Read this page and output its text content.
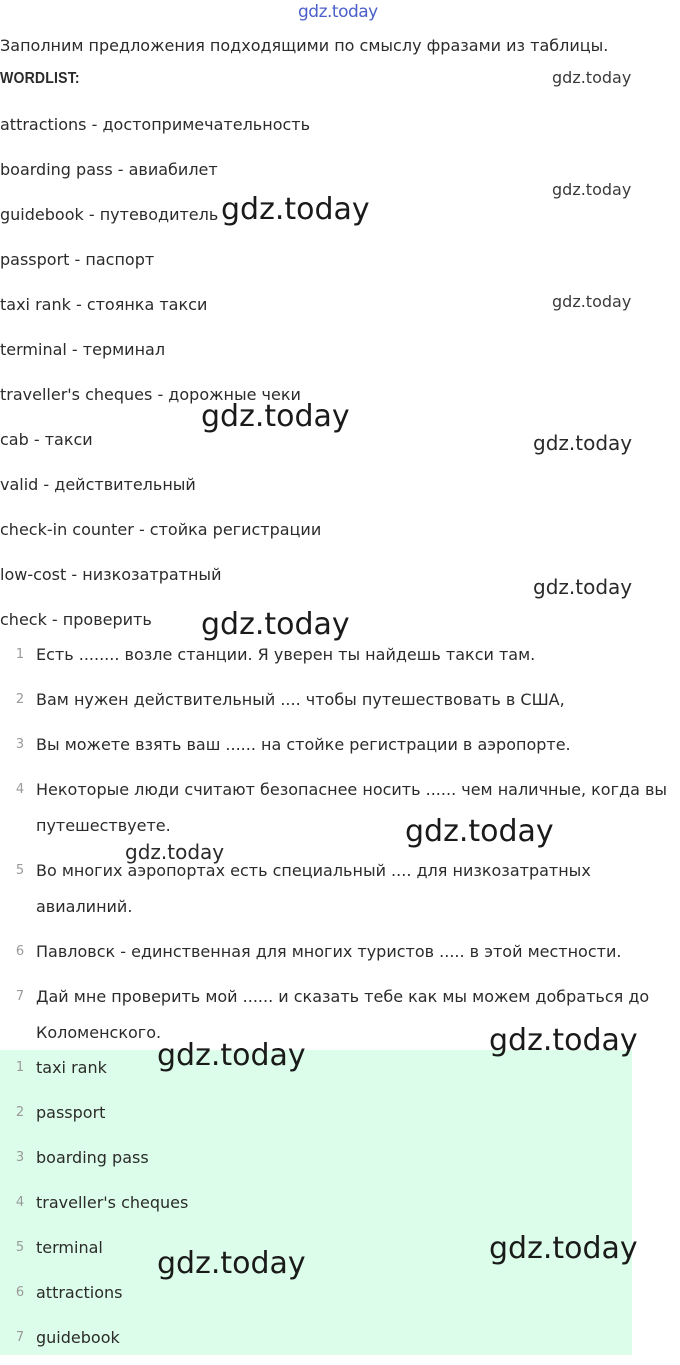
gdz.today
Заполним предложения подходящими по смыслу фразами из таблицы.
WORDLIST:
attractions - достопримечательность
boarding pass - авиабилет
guidebook - путеводитель
passport - паспорт
taxi rank - стоянка такси
terminal - терминал
traveller's cheques - дорожные чеки
cab - такси
valid - действительный
check-in counter - стойка регистрации
low-cost - низкозатратный
check - проверить
1 Есть ........ возле станции. Я уверен ты найдешь такси там.
2 Вам нужен действительный .... чтобы путешествовать в США,
3 Вы можете взять ваш ...... на стойке регистрации в аэропорте.
4 Некоторые люди считают безопаснее носить ...... чем наличные, когда вы путешествуете.
5 Во многих аэропортах есть специальный .... для низкозатратных авиалиний.
6 Павловск - единственная для многих туристов ..... в этой местности.
7 Дай мне проверить мой ...... и сказать тебе как мы можем добраться до Коломенского.
1 taxi rank
2 passport
3 boarding pass
4 traveller's cheques
5 terminal
6 attractions
7 guidebook
gdz.today
gdz.today
gdz.today
gdz.today
gdz.today
gdz.today
gdz.today
gdz.today
gdz.today
gdz.today
gdz.today
gdz.today
gdz.today
gdz.today
